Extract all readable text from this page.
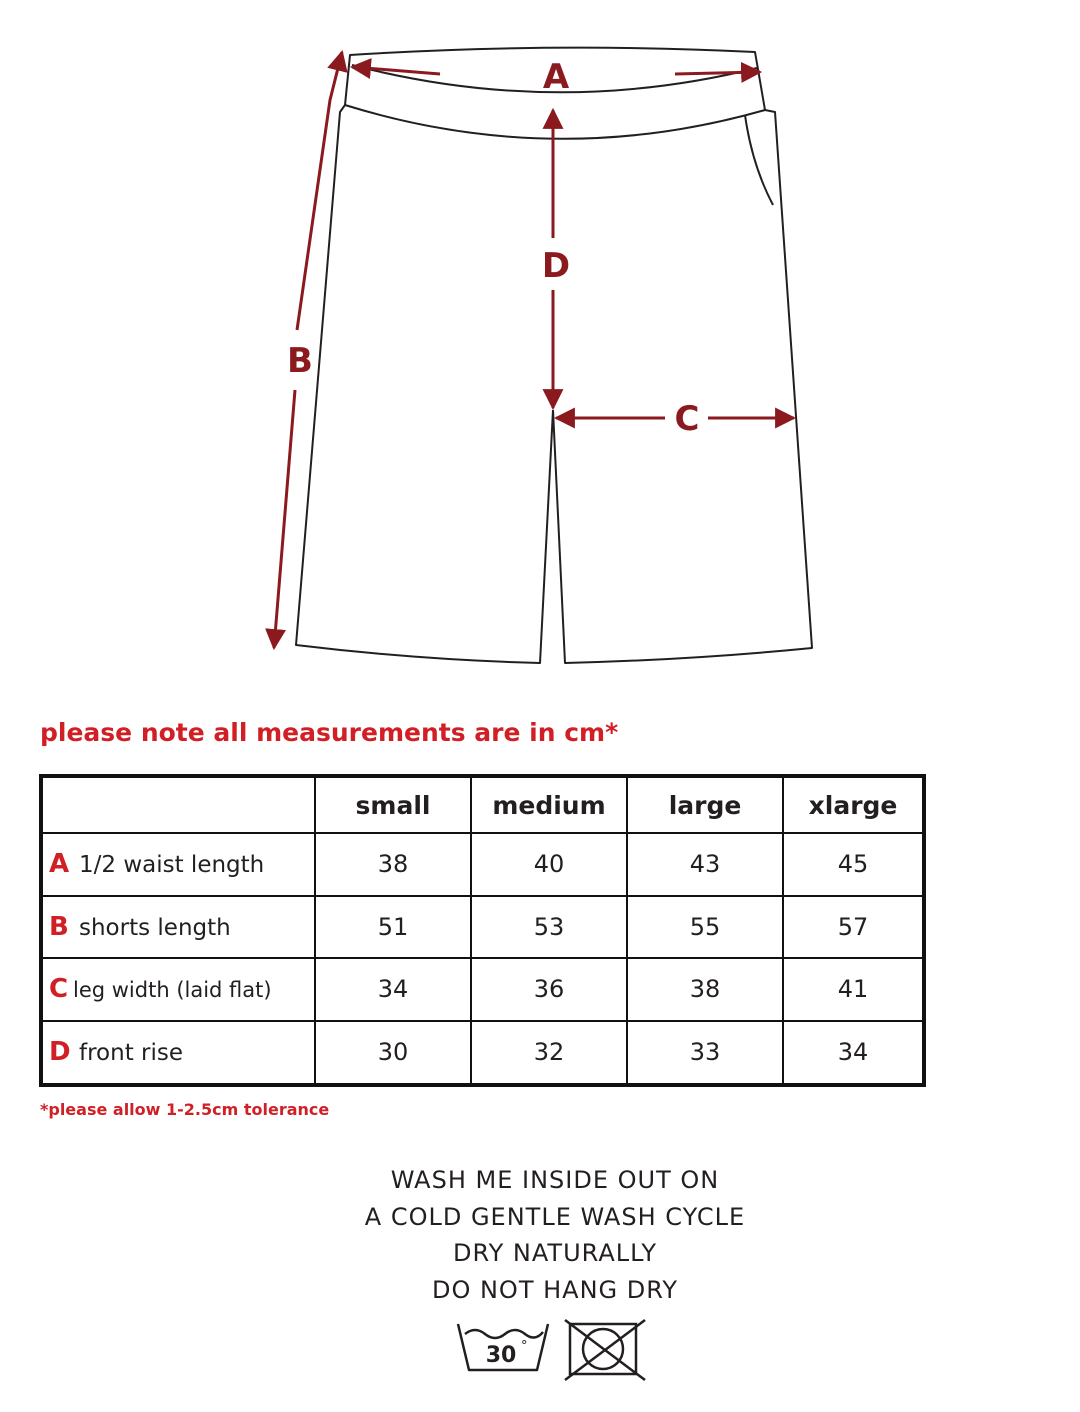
A
B
D
C

please note all measurements are in cm*

	small	medium	large	xlarge
A 1/2 waist length	38	40	43	45
B shorts length	51	53	55	57
C leg width (laid flat)	34	36	38	41
D front rise	30	32	33	34

*please allow 1-2.5cm tolerance

WASH ME INSIDE OUT ON
A COLD GENTLE WASH CYCLE
DRY NATURALLY
DO NOT HANG DRY
30 °
